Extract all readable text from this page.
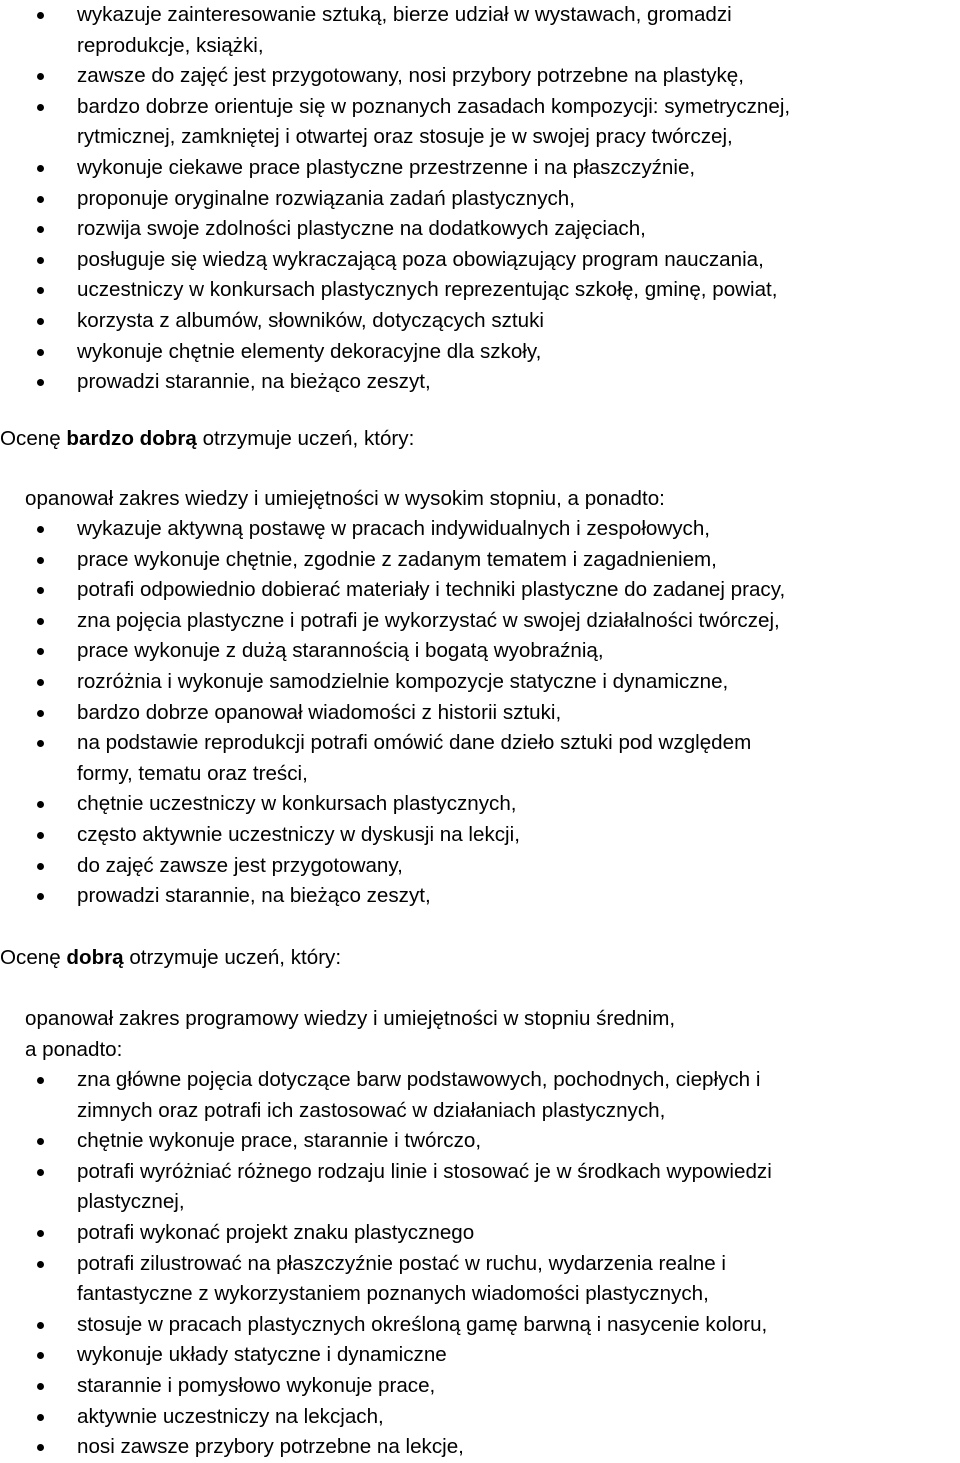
wykazuje zainteresowanie sztuką, bierze udział w wystawach, gromadzi
reprodukcje, książki,
zawsze do zajęć jest przygotowany, nosi przybory potrzebne na plastykę,
bardzo dobrze orientuje się w poznanych zasadach kompozycji: symetrycznej,
rytmicznej, zamkniętej i otwartej oraz stosuje je w swojej pracy twórczej,
wykonuje ciekawe prace plastyczne przestrzenne i na płaszczyźnie,
proponuje oryginalne rozwiązania zadań plastycznych,
rozwija swoje zdolności plastyczne na dodatkowych zajęciach,
posługuje się wiedzą wykraczającą poza obowiązujący program nauczania,
uczestniczy w konkursach plastycznych reprezentując szkołę, gminę, powiat,
korzysta z albumów, słowników, dotyczących sztuki
wykonuje chętnie elementy dekoracyjne dla szkoły,
prowadzi starannie, na bieżąco zeszyt,

Ocenę bardzo dobrą otrzymuje uczeń, który:

opanował zakres wiedzy i umiejętności w wysokim stopniu, a ponadto:

wykazuje aktywną postawę w pracach indywidualnych i zespołowych,
prace wykonuje chętnie, zgodnie z zadanym tematem i zagadnieniem,
potrafi odpowiednio dobierać materiały i techniki plastyczne do zadanej pracy,
zna pojęcia plastyczne i potrafi je wykorzystać w swojej działalności twórczej,
prace wykonuje z dużą starannością i bogatą wyobraźnią,
rozróżnia i wykonuje samodzielnie kompozycje statyczne i dynamiczne,
bardzo dobrze opanował wiadomości z historii sztuki,
na podstawie reprodukcji potrafi omówić dane dzieło sztuki pod względem
formy, tematu oraz treści,
chętnie uczestniczy w konkursach plastycznych,
często aktywnie uczestniczy w dyskusji na lekcji,
do zajęć zawsze jest przygotowany,
prowadzi starannie, na bieżąco zeszyt,

Ocenę dobrą otrzymuje uczeń, który:

opanował zakres programowy wiedzy i umiejętności w stopniu średnim,
a ponadto:

zna główne pojęcia dotyczące barw podstawowych, pochodnych, ciepłych i
zimnych oraz potrafi ich zastosować w działaniach plastycznych,
chętnie wykonuje prace, starannie i twórczo,
potrafi wyróżniać różnego rodzaju linie i stosować je w środkach wypowiedzi
plastycznej,
potrafi wykonać projekt znaku plastycznego
potrafi zilustrować na płaszczyźnie postać w ruchu, wydarzenia realne i
fantastyczne z wykorzystaniem poznanych wiadomości plastycznych,
stosuje w pracach plastycznych określoną gamę barwną i nasycenie koloru,
wykonuje układy statyczne i dynamiczne
starannie i pomysłowo wykonuje prace,
aktywnie uczestniczy na lekcjach,
nosi zawsze przybory potrzebne na lekcje,
